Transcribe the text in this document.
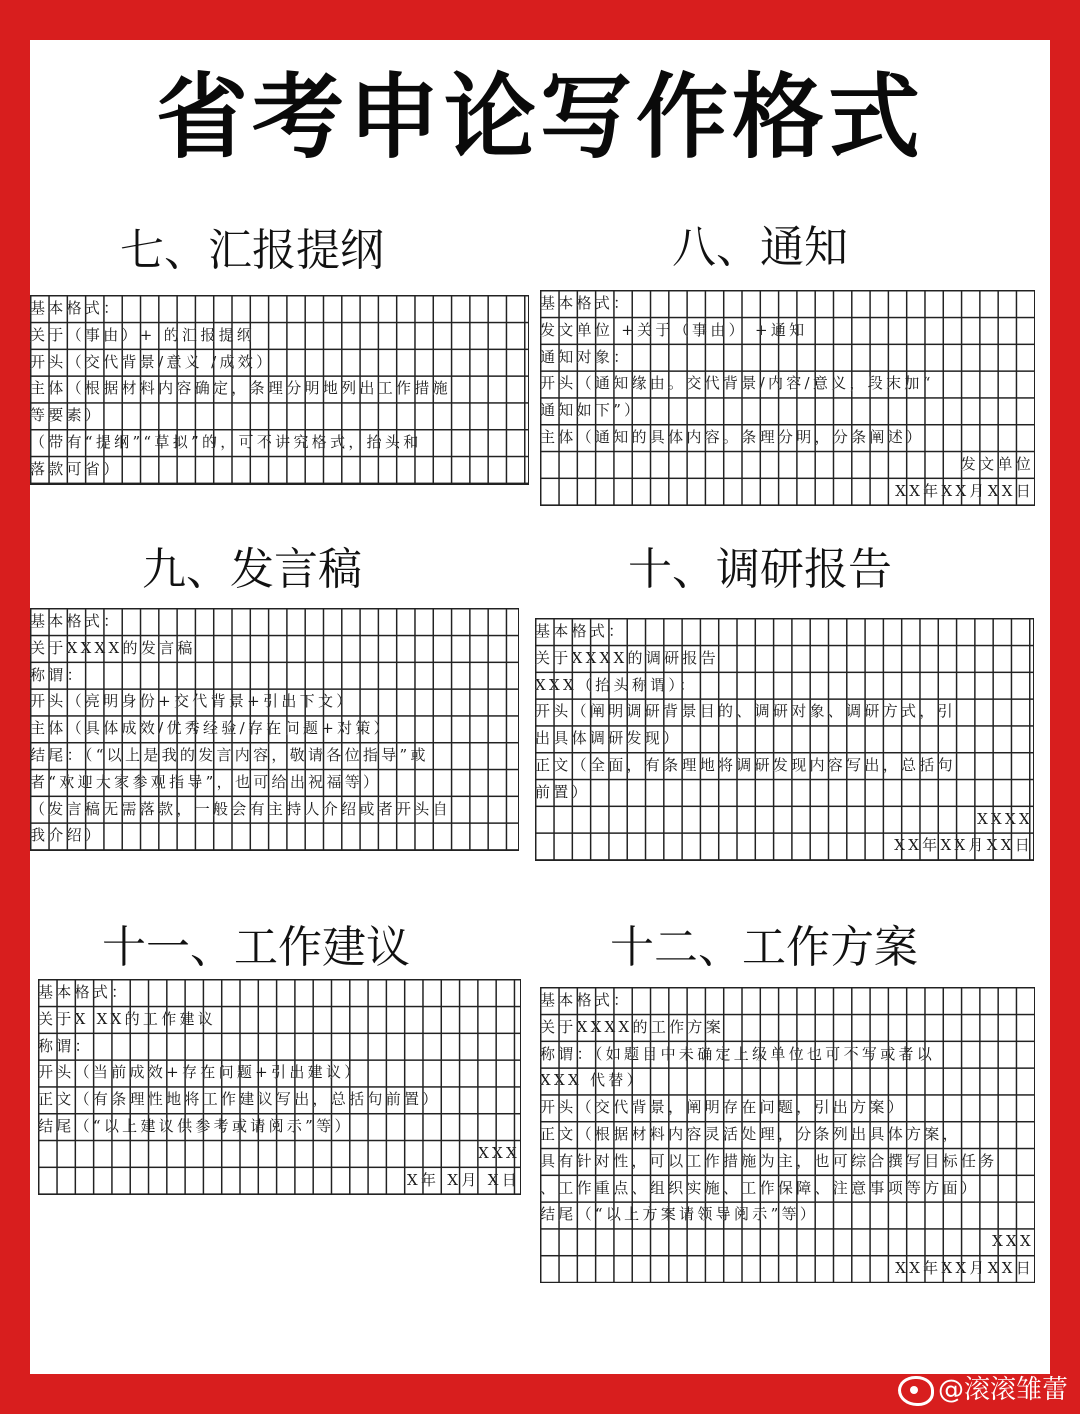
省考申论写作格式
七、汇报提纲
基本格式：
关于（事由）+ 的汇报提纲
开头（交代背景/意义 /成效）
主体（根据材料内容确定，条理分明地列出工作措施
等要素）
（带有“提纲”“草拟”的，可不讲究格式，抬头和
落款可省）
八、通知
基本格式：
发文单位 +关于（事由） +通知
通知对象：
开头（通知缘由。交代背景/内容/意义，段末加“
通知如下”）
主体（通知的具体内容。条理分明，分条阐述）
发文单位
XX年XX月XX日
九、发言稿
基本格式：
关于XXXX的发言稿
称谓：
开头（亮明身份+交代背景+引出下文）
主体（具体成效/优秀经验/存在问题+对策）
结尾：（“以上是我的发言内容，敬请各位指导”或
者“欢迎大家参观指导”，也可给出祝福等）
（发言稿无需落款，一般会有主持人介绍或者开头自
我介绍）
十、调研报告
基本格式：
关于XXXX的调研报告
XXX（抬头称谓）：
开头（阐明调研背景目的、调研对象、调研方式，引
出具体调研发现）
正文（全面，有条理地将调研发现内容写出，总括句
前置）
XXXX
XX年XX月XX日
十一、工作建议
基本格式：
关于X XX的工作建议
称谓：
开头（当前成效+存在问题+引出建议）
正文（有条理性地将工作建议写出，总括句前置）
结尾（“以上建议供参考或请阅示”等）
XXX
X年 X月 X日
十二、工作方案
基本格式：
关于XXXX的工作方案
称谓：（如题目中未确定上级单位也可不写或者以
XXX 代替）
开头（交代背景，阐明存在问题，引出方案）
正文（根据材料内容灵活处理，分条列出具体方案，
具有针对性，可以工作措施为主，也可综合撰写目标任务
、工作重点、组织实施、工作保障、注意事项等方面）
结尾（“以上方案请领导阅示”等）
XXX
XX年XX月XX日
@滚滚雏蕾
